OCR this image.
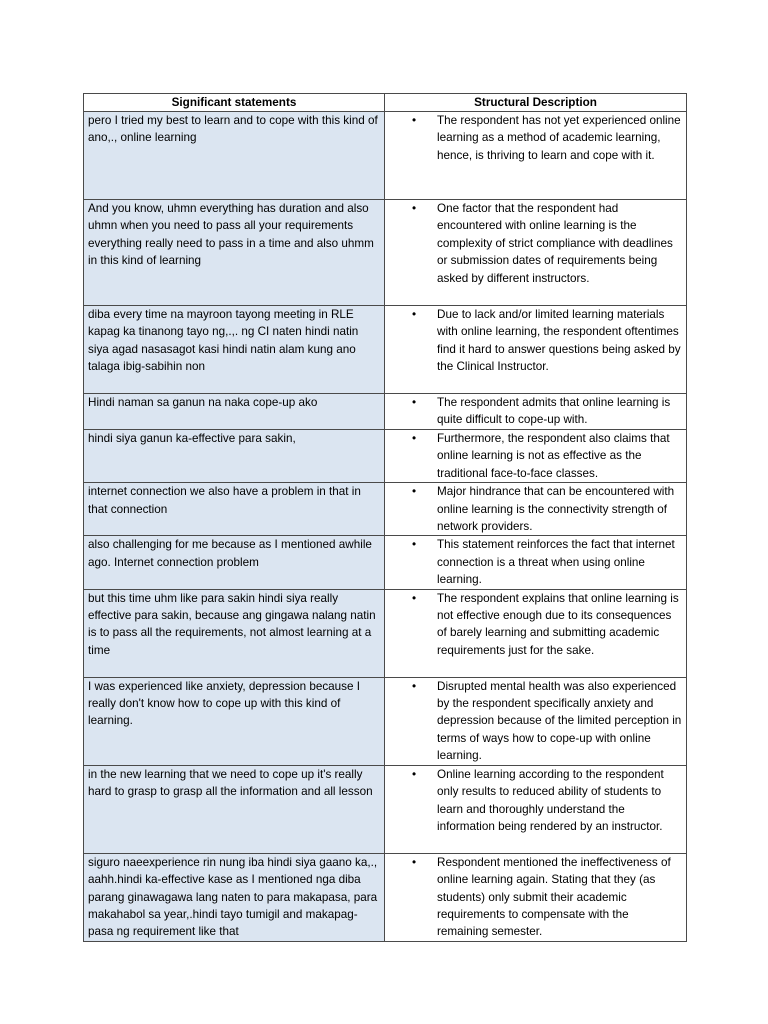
Significant statements	Structural Description
pero I tried my best to learn and to cope with this kind of ano,., online learning	• The respondent has not yet experienced online learning as a method of academic learning, hence, is thriving to learn and cope with it.
And you know, uhmn everything has duration and also uhmn when you need to pass all your requirements everything really need to pass in a time and also uhmm in this kind of learning	• One factor that the respondent had encountered with online learning is the complexity of strict compliance with deadlines or submission dates of requirements being asked by different instructors.
diba every time na mayroon tayong meeting in RLE kapag ka tinanong tayo ng,.,. ng CI naten hindi natin siya agad nasasagot kasi hindi natin alam kung ano talaga ibig-sabihin non	• Due to lack and/or limited learning materials with online learning, the respondent oftentimes find it hard to answer questions being asked by the Clinical Instructor.
Hindi naman sa ganun na naka cope-up ako	• The respondent admits that online learning is quite difficult to cope-up with.
hindi siya ganun ka-effective para sakin,	• Furthermore, the respondent also claims that online learning is not as effective as the traditional face-to-face classes.
internet connection we also have a problem in that in that connection	• Major hindrance that can be encountered with online learning is the connectivity strength of network providers.
also challenging for me because as I mentioned awhile ago. Internet connection problem	• This statement reinforces the fact that internet connection is a threat when using online learning.
but this time uhm like para sakin hindi siya really effective para sakin, because ang gingawa nalang natin is to pass all the requirements, not almost learning at a time	• The respondent explains that online learning is not effective enough due to its consequences of barely learning and submitting academic requirements just for the sake.
I was experienced like anxiety, depression because I really don't know how to cope up with this kind of learning.	• Disrupted mental health was also experienced by the respondent specifically anxiety and depression because of the limited perception in terms of ways how to cope-up with online learning.
in the new learning that we need to cope up it's really hard to grasp to grasp all the information and all lesson	• Online learning according to the respondent only results to reduced ability of students to learn and thoroughly understand the information being rendered by an instructor.
siguro naeexperience rin nung iba hindi siya gaano ka,., aahh.hindi ka-effective kase as I mentioned nga diba parang ginawagawa lang naten to para makapasa, para makahabol sa year,.hindi tayo tumigil and makapag-pasa ng requirement like that	• Respondent mentioned the ineffectiveness of online learning again. Stating that they (as students) only submit their academic requirements to compensate with the remaining semester.
